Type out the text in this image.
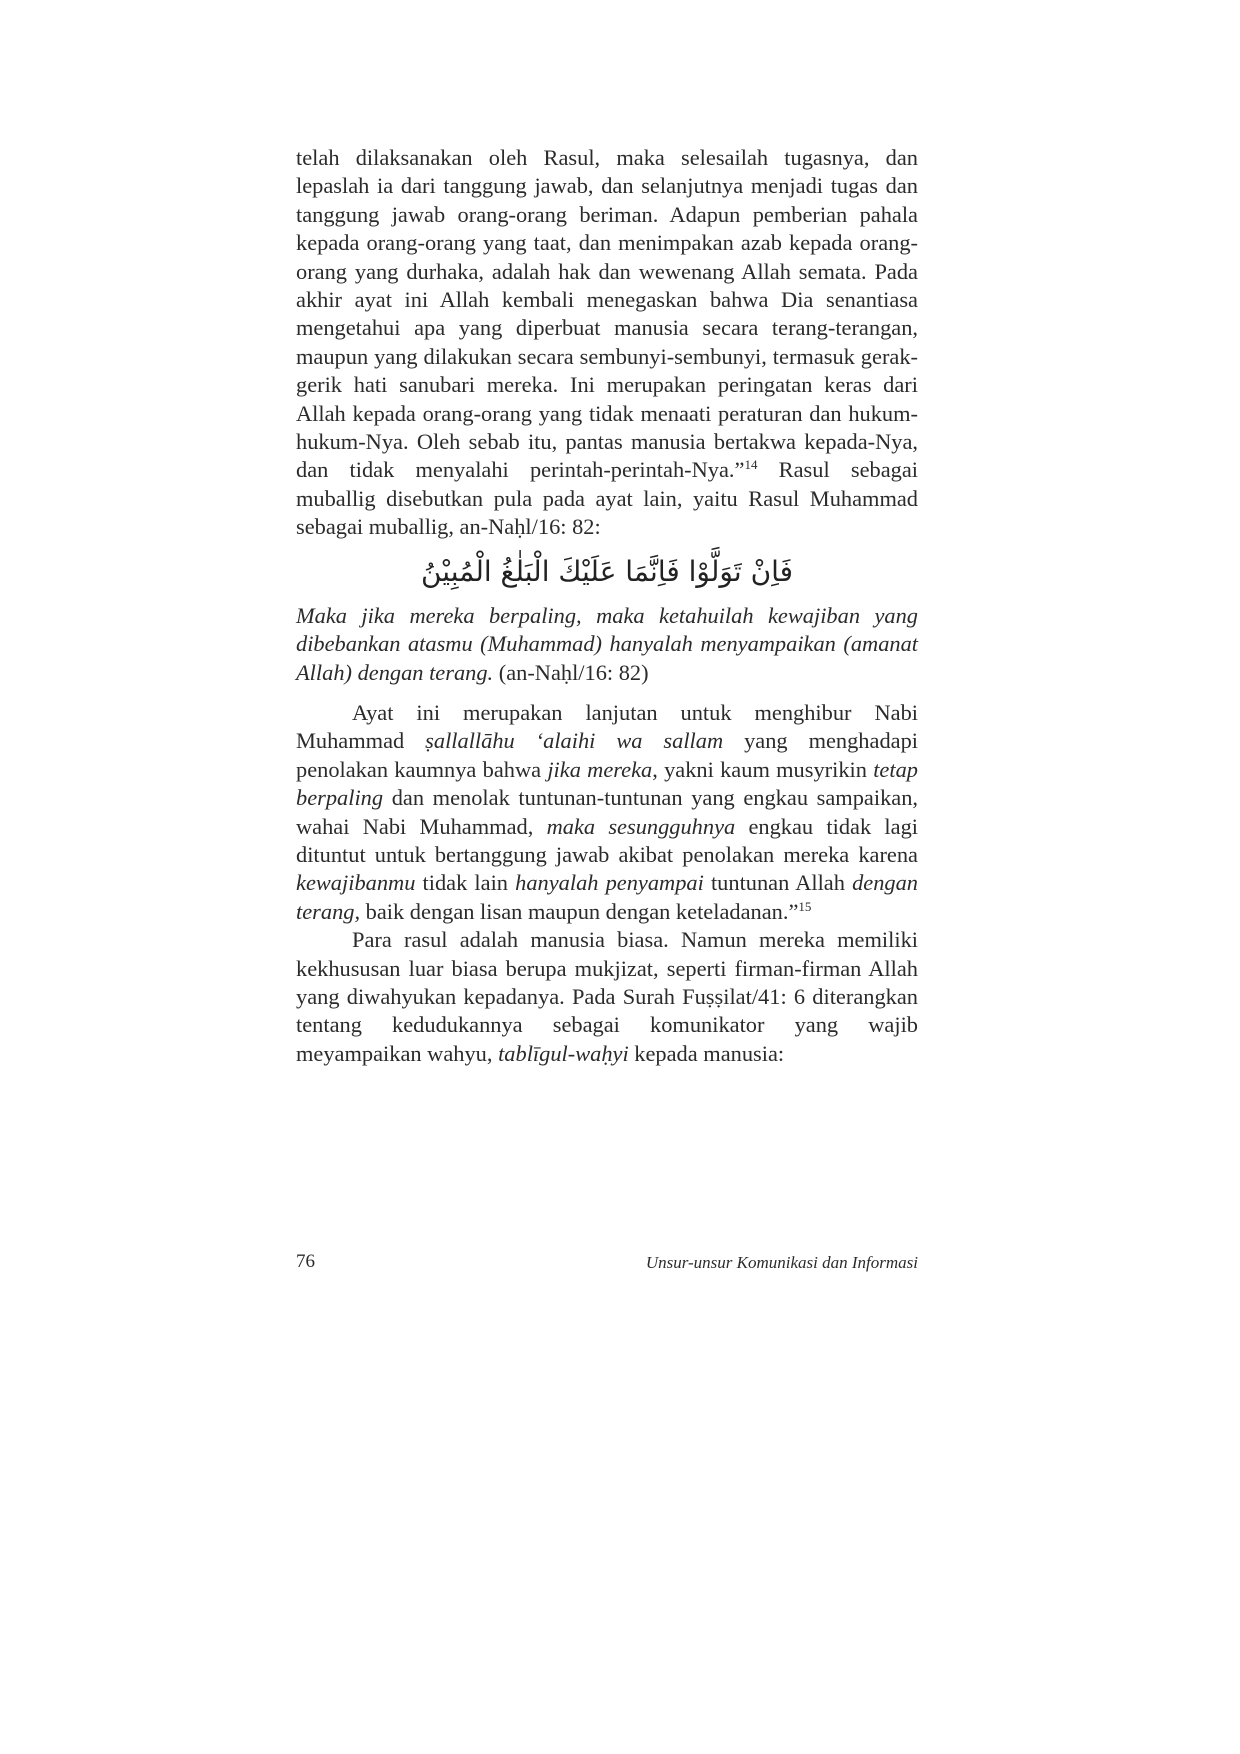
telah dilaksanakan oleh Rasul, maka selesailah tugasnya, dan lepaslah ia dari tanggung jawab, dan selanjutnya menjadi tugas dan tanggung jawab orang-orang beriman. Adapun pemberian pahala kepada orang-orang yang taat, dan menimpakan azab kepada orang-orang yang durhaka, adalah hak dan wewenang Allah semata. Pada akhir ayat ini Allah kembali menegaskan bahwa Dia senantiasa mengetahui apa yang diperbuat manusia secara terang-terangan, maupun yang dilakukan secara sembunyi-sembunyi, termasuk gerak-gerik hati sanubari mereka. Ini merupakan peringatan keras dari Allah kepada orang-orang yang tidak menaati peraturan dan hukum-hukum-Nya. Oleh sebab itu, pantas manusia bertakwa kepada-Nya, dan tidak menyalahi perintah-perintah-Nya.”$^{14}$ Rasul sebagai muballig disebutkan pula pada ayat lain, yaitu Rasul Muhammad sebagai muballig, an-Naḥl/16: 82:

فَاِنْ تَوَلَّوْا فَاِنَّمَا عَلَيْكَ الْبَلٰغُ الْمُبِيْنُ

Maka jika mereka berpaling, maka ketahuilah kewajiban yang dibebankan atasmu (Muhammad) hanyalah menyampaikan (amanat Allah) dengan terang. (an-Naḥl/16: 82)

Ayat ini merupakan lanjutan untuk menghibur Nabi Muhammad ṣallallāhu ‘alaihi wa sallam yang menghadapi penolakan kaumnya bahwa jika mereka, yakni kaum musyrikin tetap berpaling dan menolak tuntunan-tuntunan yang engkau sampaikan, wahai Nabi Muhammad, maka sesungguhnya engkau tidak lagi dituntut untuk bertanggung jawab akibat penolakan mereka karena kewajibanmu tidak lain hanyalah penyampai tuntunan Allah dengan terang, baik dengan lisan maupun dengan keteladanan.”$^{15}$

Para rasul adalah manusia biasa. Namun mereka memiliki kekhususan luar biasa berupa mukjizat, seperti firman-firman Allah yang diwahyukan kepadanya. Pada Surah Fuṣṣilat/41: 6 diterangkan tentang kedudukannya sebagai komunikator yang wajib meyampaikan wahyu, tablīgul-waḥyi kepada manusia:

76	Unsur-unsur Komunikasi dan Informasi
